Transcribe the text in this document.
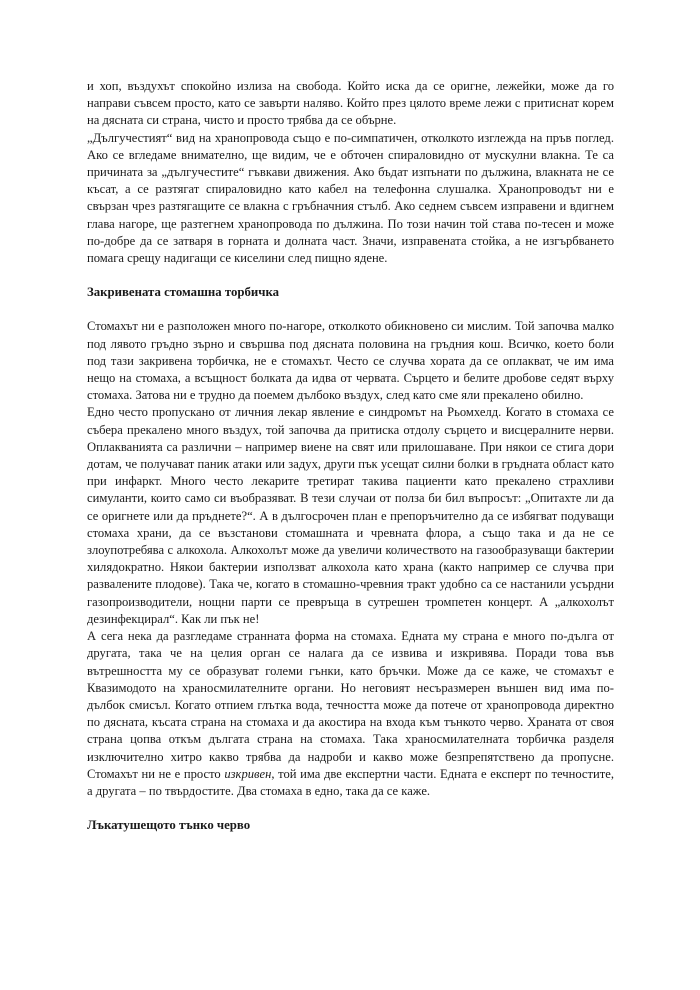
и хоп, въздухът спокойно излиза на свобода. Който иска да се оригне, лежейки, може да го направи съвсем просто, като се завърти наляво. Който през цялото време лежи с притиснат корем на дясната си страна, чисто и просто трябва да се обърне.

„Дългучестият“ вид на хранопровода също е по-симпатичен, отколкото изглежда на пръв поглед. Ако се вгледаме внимателно, ще видим, че е обточен спираловидно от мускулни влакна. Те са причината за „дългучестите“ гъвкави движения. Ако бъдат изпънати по дължина, влакната не се късат, а се разтягат спираловидно като кабел на телефонна слушалка. Хранопроводът ни е свързан чрез разтягащите се влакна с гръбначния стълб. Ако седнем съвсем изправени и вдигнем глава нагоре, ще разтегнем хранопровода по дължина. По този начин той става по-тесен и може по-добре да се затваря в горната и долната част. Значи, изправената стойка, а не изгърбването помага срещу надигащи се киселини след пищно ядене.

Закривената стомашна торбичка

Стомахът ни е разположен много по-нагоре, отколкото обикновено си мислим. Той започва малко под лявото гръдно зърно и свършва под дясната половина на гръдния кош. Всичко, което боли под тази закривена торбичка, не е стомахът. Често се случва хората да се оплакват, че им има нещо на стомаха, а всъщност болката да идва от червата. Сърцето и белите дробове седят върху стомаха. Затова ни е трудно да поемем дълбоко въздух, след като сме яли прекалено обилно.

Едно често пропускано от личния лекар явление е синдромът на Рьомхелд. Когато в стомаха се събера прекалено много въздух, той започва да притиска отдолу сърцето и висцералните нерви. Оплакванията са различни – например виене на свят или прилошаване. При някои се стига дори дотам, че получават паник атаки или задух, други пък усещат силни болки в гръдната област като при инфаркт. Много често лекарите третират такива пациенти като прекалено страхливи симуланти, които само си въобразяват. В тези случаи от полза би бил въпросът: „Опитахте ли да се оригнете или да пръднете?“. А в дългосрочен план е препоръчително да се избягват подуващи стомаха храни, да се възстанови стомашната и чревната флора, а също така и да не се злоупотребява с алкохола. Алкохолът може да увеличи количеството на газообразуващи бактерии хилядократно. Някои бактерии използват алкохола като храна (както например се случва при развалените плодове). Така че, когато в стомашно-чревния тракт удобно са се настанили усърдни газопроизводители, нощни парти се превръща в сутрешен тромпетен концерт. А „алкохолът дезинфекцирал“. Как ли пък не!

А сега нека да разгледаме странната форма на стомаха. Едната му страна е много по-дълга от другата, така че на целия орган се налага да се извива и изкривява. Поради това във вътрешността му се образуват големи гънки, като бръчки. Може да се каже, че стомахът е Квазимодото на храносмилателните органи. Но неговият несъразмерен външен вид има по-дълбок смисъл. Когато отпием глътка вода, течността може да потече от хранопровода директно по дясната, късата страна на стомаха и да акостира на входа към тънкото черво. Храната от своя страна цопва откъм дългата страна на стомаха. Така храносмилателната торбичка разделя изключително хитро какво трябва да надроби и какво може безпрепятствено да пропусне. Стомахът ни не е просто изкривен, той има две експертни части. Едната е експерт по течностите, а другата – по твърдостите. Два стомаха в едно, така да се каже.

Лъкатушещото тънко черво
